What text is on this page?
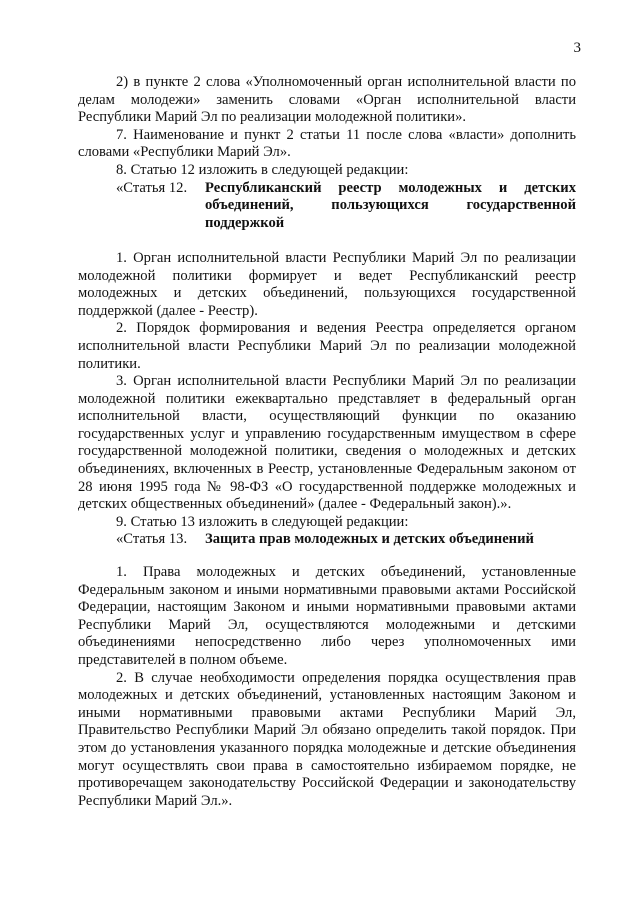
3

2) в пункте 2 слова «Уполномоченный орган исполнительной власти по делам молодежи» заменить словами «Орган исполнительной власти Республики Марий Эл по реализации молодежной политики».

7. Наименование и пункт 2 статьи 11 после слова «власти» дополнить словами «Республики Марий Эл».

8. Статью 12 изложить в следующей редакции:

«Статья 12.	Республиканский реестр молодежных и детских объединений, пользующихся государственной поддержкой

1. Орган исполнительной власти Республики Марий Эл по реализации молодежной политики формирует и ведет Республиканский реестр молодежных и детских объединений, пользующихся государственной поддержкой (далее - Реестр).

2. Порядок формирования и ведения Реестра определяется органом исполнительной власти Республики Марий Эл по реализации молодежной политики.

3. Орган исполнительной власти Республики Марий Эл по реализации молодежной политики ежеквартально представляет в федеральный орган исполнительной власти, осуществляющий функции по оказанию государственных услуг и управлению государственным имуществом в сфере государственной молодежной политики, сведения о молодежных и детских объединениях, включенных в Реестр, установленные Федеральным законом от 28 июня 1995 года № 98-ФЗ «О государственной поддержке молодежных и детских общественных объединений» (далее - Федеральный закон).».

9. Статью 13 изложить в следующей редакции:

«Статья 13.	Защита прав молодежных и детских объединений

1. Права молодежных и детских объединений, установленные Федеральным законом и иными нормативными правовыми актами Российской Федерации, настоящим Законом и иными нормативными правовыми актами Республики Марий Эл, осуществляются молодежными и детскими объединениями непосредственно либо через уполномоченных ими представителей в полном объеме.

2. В случае необходимости определения порядка осуществления прав молодежных и детских объединений, установленных настоящим Законом и иными нормативными правовыми актами Республики Марий Эл, Правительство Республики Марий Эл обязано определить такой порядок. При этом до установления указанного порядка молодежные и детские объединения могут осуществлять свои права в самостоятельно избираемом порядке, не противоречащем законодательству Российской Федерации и законодательству Республики Марий Эл.».
